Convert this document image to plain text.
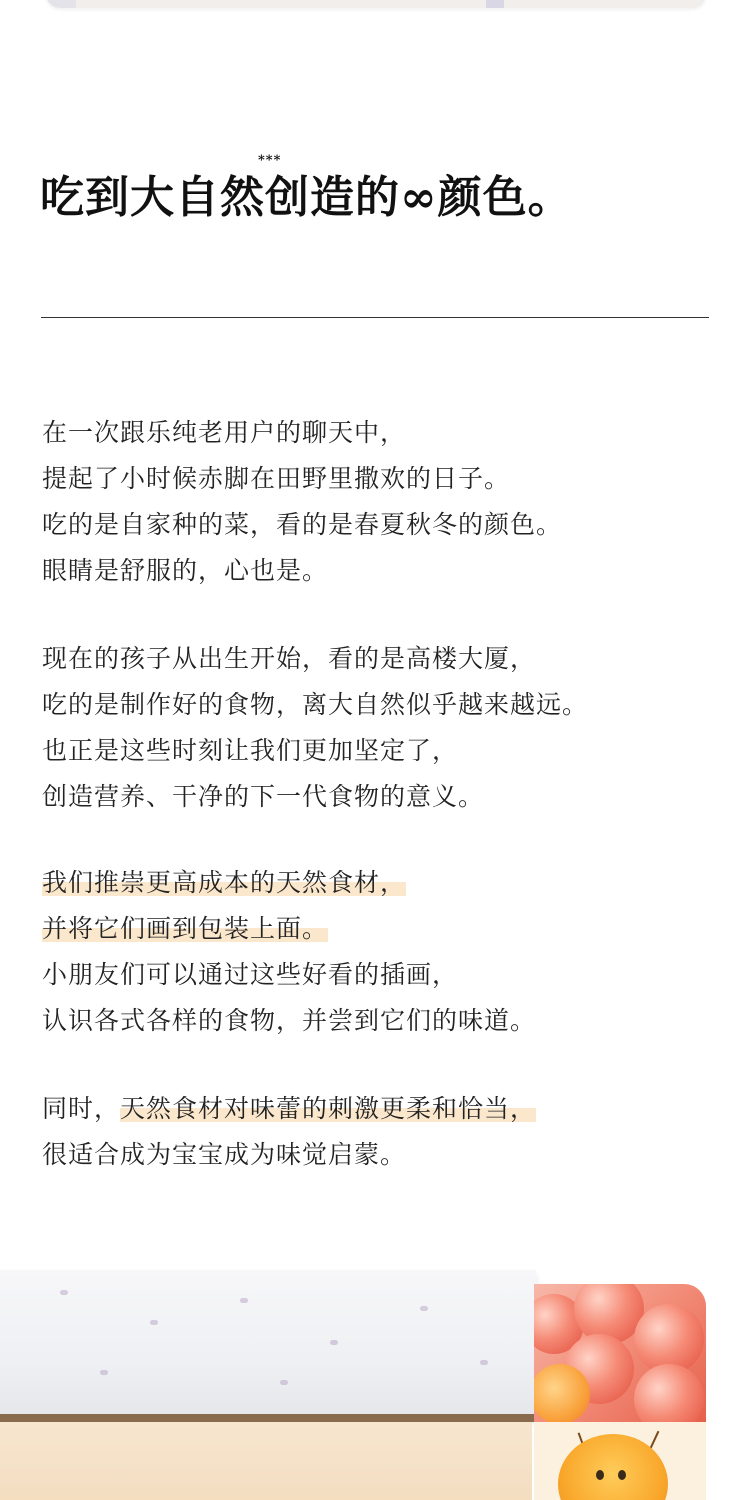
***
吃到大自然创造的∞颜色。
在一次跟乐纯老用户的聊天中，
提起了小时候赤脚在田野里撒欢的日子。
吃的是自家种的菜，看的是春夏秋冬的颜色。
眼睛是舒服的，心也是。
现在的孩子从出生开始，看的是高楼大厦，
吃的是制作好的食物，离大自然似乎越来越远。
也正是这些时刻让我们更加坚定了，
创造营养、干净的下一代食物的意义。
我们推崇更高成本的天然食材，
并将它们画到包装上面。
小朋友们可以通过这些好看的插画，
认识各式各样的食物，并尝到它们的味道。
同时，天然食材对味蕾的刺激更柔和恰当，
很适合成为宝宝成为味觉启蒙。
